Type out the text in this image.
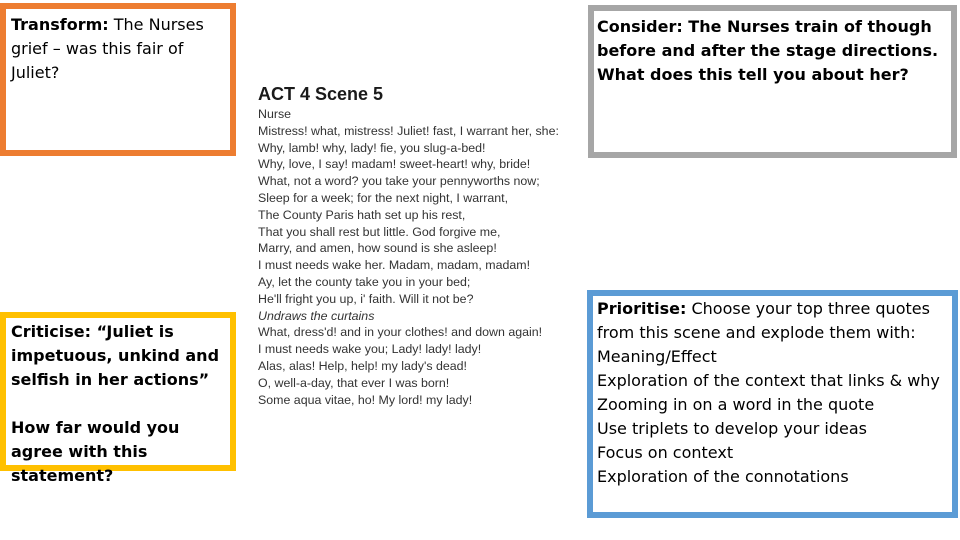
Transform: The Nurses grief – was this fair of Juliet?

Consider: The Nurses train of though before and after the stage directions. What does this tell you about her?

Criticise: “Juliet is impetuous, unkind and selfish in her actions”

How far would you agree with this statement?

Prioritise: Choose your top three quotes
from this scene and explode them with:
Meaning/Effect
Exploration of the context that links & why
Zooming in on a word in the quote
Use triplets to develop your ideas
Focus on context
Exploration of the connotations

ACT 4 Scene 5

Nurse
Mistress! what, mistress! Juliet! fast, I warrant her, she:
Why, lamb! why, lady! fie, you slug-a-bed!
Why, love, I say! madam! sweet-heart! why, bride!
What, not a word? you take your pennyworths now;
Sleep for a week; for the next night, I warrant,
The County Paris hath set up his rest,
That you shall rest but little. God forgive me,
Marry, and amen, how sound is she asleep!
I must needs wake her. Madam, madam, madam!
Ay, let the county take you in your bed;
He'll fright you up, i' faith. Will it not be?
Undraws the curtains
What, dress'd! and in your clothes! and down again!
I must needs wake you; Lady! lady! lady!
Alas, alas! Help, help! my lady's dead!
O, well-a-day, that ever I was born!
Some aqua vitae, ho! My lord! my lady!
